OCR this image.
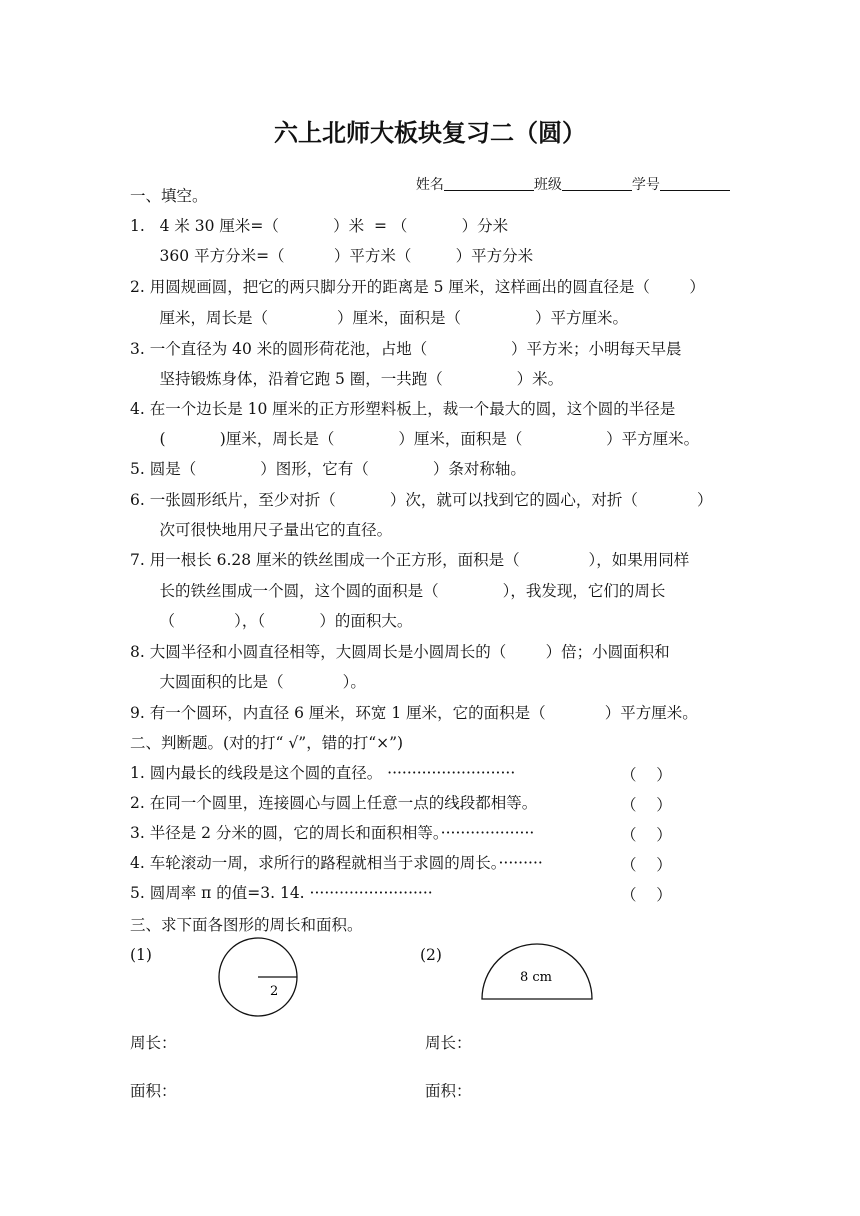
六上北师大板块复习二（圆）

姓名	班级	学号

一、填空。
1.   4 米 30 厘米=（           ）米  = （           ）分米
360 平方分米=（          ）平方米（         ）平方分米
2. 用圆规画圆，把它的两只脚分开的距离是 5 厘米，这样画出的圆直径是（        ）
厘米，周长是（              ）厘米，面积是（               ）平方厘米。
3. 一个直径为 40 米的圆形荷花池，占地（                 ）平方米；小明每天早晨
坚持锻炼身体，沿着它跑 5 圈，一共跑（               ）米。
4. 在一个边长是 10 厘米的正方形塑料板上，裁一个最大的圆，这个圆的半径是
(           )厘米，周长是（             ）厘米，面积是（                 ）平方厘米。
5. 圆是（             ）图形，它有（             ）条对称轴。
6. 一张圆形纸片，至少对折（           ）次，就可以找到它的圆心，对折（            ）
次可很快地用尺子量出它的直径。
7. 用一根长 6.28 厘米的铁丝围成一个正方形，面积是（              ），如果用同样
长的铁丝围成一个圆，这个圆的面积是（             ），我发现，它们的周长
（            ），（           ）的面积大。
8. 大圆半径和小圆直径相等，大圆周长是小圆周长的（        ）倍；小圆面积和
大圆面积的比是（            ）。
9. 有一个圆环，内直径 6 厘米，环宽 1 厘米，它的面积是（            ）平方厘米。
二、判断题。(对的打“ √”，错的打“×”)
1. 圆内最长的线段是这个圆的直径。 ··························	（    ）
2. 在同一个圆里，连接圆心与圆上任意一点的线段都相等。	（    ）
3. 半径是 2 分米的圆，它的周长和面积相等。···················	（    ）
4. 车轮滚动一周，求所行的路程就相当于求圆的周长。·········	（    ）
5. 圆周率 π 的值=3. 14. ·························	（    ）
三、求下面各图形的周长和面积。
(1)	(2)
2
8 cm
周长：	周长：
面积：	面积：
